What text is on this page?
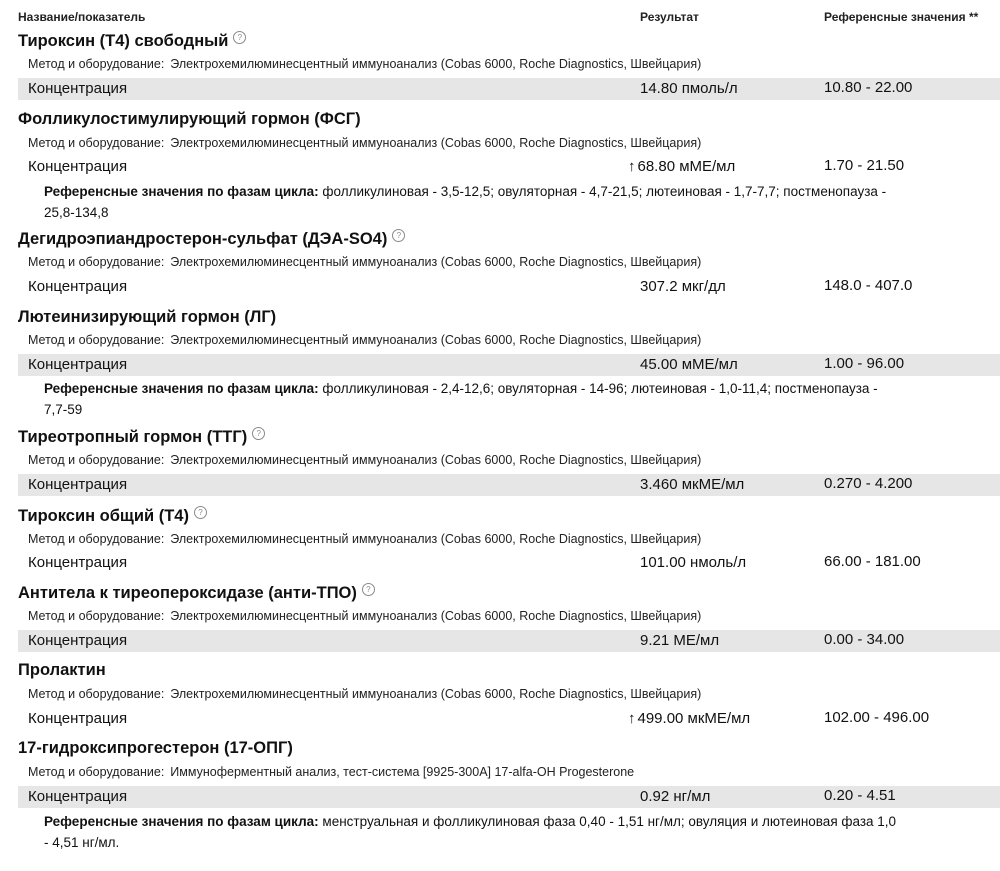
Название/показатель	Результат	Референсные значения **
Тироксин (Т4) свободный ?
Метод и оборудование: Электрохемилюминесцентный иммуноанализ (Cobas 6000, Roche Diagnostics, Швейцария)
Концентрация	14.80 пмоль/л	10.80 - 22.00
Фолликулостимулирующий гормон (ФСГ)
Метод и оборудование: Электрохемилюминесцентный иммуноанализ (Cobas 6000, Roche Diagnostics, Швейцария)
Концентрация	↑ 68.80 мМЕ/мл	1.70 - 21.50
Референсные значения по фазам цикла: фолликулиновая - 3,5-12,5; овуляторная - 4,7-21,5; лютеиновая - 1,7-7,7; постменопауза - 25,8-134,8
Дегидроэпиандростерон-сульфат (ДЭА-SO4) ?
Метод и оборудование: Электрохемилюминесцентный иммуноанализ (Cobas 6000, Roche Diagnostics, Швейцария)
Концентрация	307.2 мкг/дл	148.0 - 407.0
Лютеинизирующий гормон (ЛГ)
Метод и оборудование: Электрохемилюминесцентный иммуноанализ (Cobas 6000, Roche Diagnostics, Швейцария)
Концентрация	45.00 мМЕ/мл	1.00 - 96.00
Референсные значения по фазам цикла: фолликулиновая - 2,4-12,6; овуляторная - 14-96; лютеиновая - 1,0-11,4; постменопауза - 7,7-59
Тиреотропный гормон (ТТГ) ?
Метод и оборудование: Электрохемилюминесцентный иммуноанализ (Cobas 6000, Roche Diagnostics, Швейцария)
Концентрация	3.460 мкМЕ/мл	0.270 - 4.200
Тироксин общий (Т4) ?
Метод и оборудование: Электрохемилюминесцентный иммуноанализ (Cobas 6000, Roche Diagnostics, Швейцария)
Концентрация	101.00 нмоль/л	66.00 - 181.00
Антитела к тиреопероксидазе (анти-ТПО) ?
Метод и оборудование: Электрохемилюминесцентный иммуноанализ (Cobas 6000, Roche Diagnostics, Швейцария)
Концентрация	9.21 МЕ/мл	0.00 - 34.00
Пролактин
Метод и оборудование: Электрохемилюминесцентный иммуноанализ (Cobas 6000, Roche Diagnostics, Швейцария)
Концентрация	↑ 499.00 мкМЕ/мл	102.00 - 496.00
17-гидроксипрогестерон (17-ОПГ)
Метод и оборудование: Иммуноферментный анализ, тест-система [9925-300А] 17-alfa-OH Progesterone
Концентрация	0.92 нг/мл	0.20 - 4.51
Референсные значения по фазам цикла: менструальная и фолликулиновая фаза 0,40 - 1,51 нг/мл; овуляция и лютеиновая фаза 1,0 - 4,51 нг/мл.
